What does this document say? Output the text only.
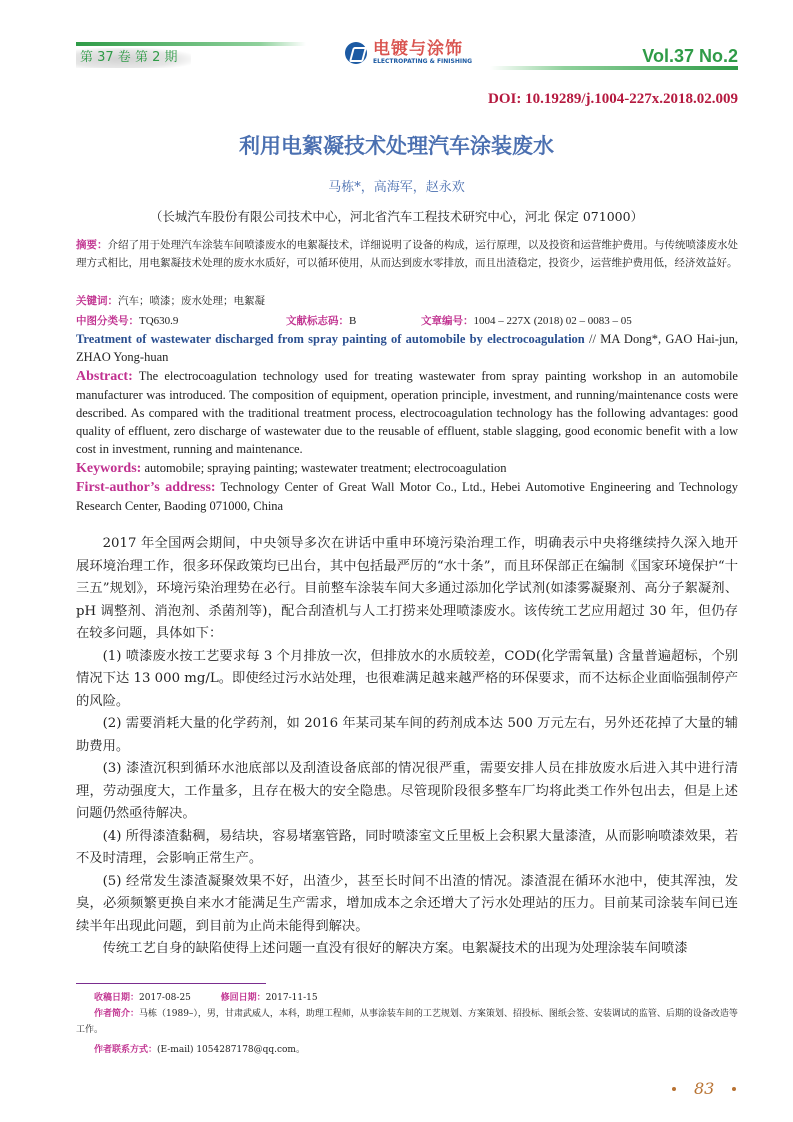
第 37 卷 第 2 期	电镀与涂饰
ELECTROPATING & FINISHING	Vol.37 No.2
DOI: 10.19289/j.1004-227x.2018.02.009
利用电絮凝技术处理汽车涂装废水
马栋*，高海军，赵永欢
（长城汽车股份有限公司技术中心，河北省汽车工程技术研究中心，河北 保定 071000）
摘要：介绍了用于处理汽车涂装车间喷漆废水的电絮凝技术，详细说明了设备的构成，运行原理，以及投资和运营维护费用。与传统喷漆废水处理方式相比，用电絮凝技术处理的废水水质好，可以循环使用，从而达到废水零排放，而且出渣稳定，投资少，运营维护费用低，经济效益好。
关键词：汽车；喷漆；废水处理；电絮凝
中图分类号：TQ630.9	文献标志码：B	文章编号：1004 – 227X (2018) 02 – 0083 – 05
Treatment of wastewater discharged from spray painting of automobile by electrocoagulation // MA Dong*, GAO Hai-jun, ZHAO Yong-huan
Abstract: The electrocoagulation technology used for treating wastewater from spray painting workshop in an automobile manufacturer was introduced. The composition of equipment, operation principle, investment, and running/maintenance costs were described. As compared with the traditional treatment process, electrocoagulation technology has the following advantages: good quality of effluent, zero discharge of wastewater due to the reusable of effluent, stable slagging, good economic benefit with a low cost in investment, running and maintenance.
Keywords: automobile; spraying painting; wastewater treatment; electrocoagulation
First-author’s address: Technology Center of Great Wall Motor Co., Ltd., Hebei Automotive Engineering and Technology Research Center, Baoding 071000, China

2017 年全国两会期间，中央领导多次在讲话中重申环境污染治理工作，明确表示中央将继续持久深入地开展环境治理工作，很多环保政策均已出台，其中包括最严厉的“水十条”，而且环保部正在编制《国家环境保护“十三五”规划》，环境污染治理势在必行。目前整车涂装车间大多通过添加化学试剂(如漆雾凝聚剂、高分子絮凝剂、pH 调整剂、消泡剂、杀菌剂等)，配合刮渣机与人工打捞来处理喷漆废水。该传统工艺应用超过 30 年，但仍存在较多问题，具体如下：

(1) 喷漆废水按工艺要求每 3 个月排放一次，但排放水的水质较差，COD(化学需氧量) 含量普遍超标，个别情况下达 13 000 mg/L。即使经过污水站处理，也很难满足越来越严格的环保要求，而不达标企业面临强制停产的风险。

(2) 需要消耗大量的化学药剂，如 2016 年某司某车间的药剂成本达 500 万元左右，另外还花掉了大量的辅助费用。

(3) 漆渣沉积到循环水池底部以及刮渣设备底部的情况很严重，需要安排人员在排放废水后进入其中进行清理，劳动强度大，工作量多，且存在极大的安全隐患。尽管现阶段很多整车厂均将此类工作外包出去，但是上述问题仍然亟待解决。

(4) 所得漆渣黏稠，易结块，容易堵塞管路，同时喷漆室文丘里板上会积累大量漆渣，从而影响喷漆效果，若不及时清理，会影响正常生产。

(5) 经常发生漆渣凝聚效果不好，出渣少，甚至长时间不出渣的情况。漆渣混在循环水池中，使其浑浊，发臭，必须频繁更换自来水才能满足生产需求，增加成本之余还增大了污水处理站的压力。目前某司涂装车间已连续半年出现此问题，到目前为止尚未能得到解决。

传统工艺自身的缺陷使得上述问题一直没有很好的解决方案。电絮凝技术的出现为处理涂装车间喷漆

收稿日期：2017-08-25	修回日期：2017-11-15
作者简介：马栋（1989–），男，甘肃武威人，本科，助理工程师，从事涂装车间的工艺规划、方案策划、招投标、图纸会签、安装调试的监管、后期的设备改造等工作。
作者联系方式：(E-mail) 1054287178@qq.com。
83
